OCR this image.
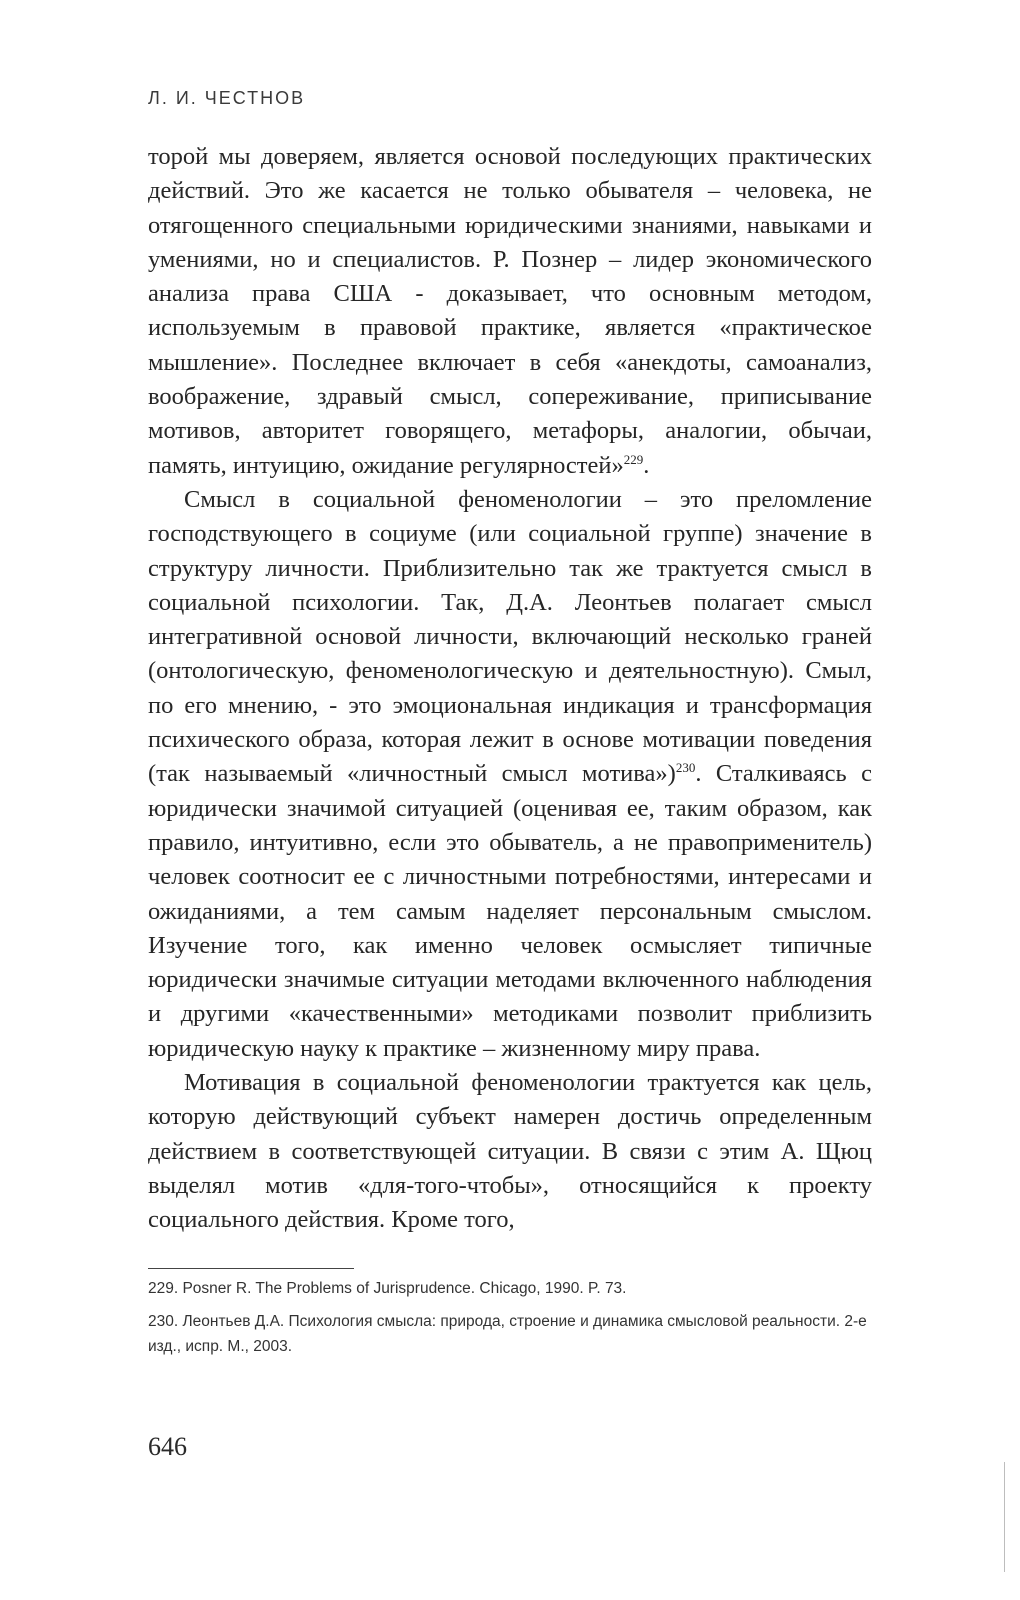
Л. И. ЧЕСТНОВ

торой мы доверяем, является основой последующих практических действий. Это же касается не только обывателя – человека, не отягощенного специальными юридическими знаниями, навыками и умениями, но и специалистов. Р. Познер – лидер экономического анализа права США - доказывает, что основным методом, используемым в правовой практике, является «практическое мышление». Последнее включает в себя «анекдоты, самоанализ, воображение, здравый смысл, сопереживание, приписывание мотивов, авторитет говорящего, метафоры, аналогии, обычаи, память, интуицию, ожидание регулярностей»$^{229}$.

Смысл в социальной феноменологии – это преломление господствующего в социуме (или социальной группе) значение в структуру личности. Приблизительно так же трактуется смысл в социальной психологии. Так, Д.А. Леонтьев полагает смысл интегративной основой личности, включающий несколько граней (онтологическую, феноменологическую и деятельностную). Смыл, по его мнению, - это эмоциональная индикация и трансформация психического образа, которая лежит в основе мотивации поведения (так называемый «личностный смысл мотива»)$^{230}$. Сталкиваясь с юридически значимой ситуацией (оценивая ее, таким образом, как правило, интуитивно, если это обыватель, а не правоприменитель) человек соотносит ее с личностными потребностями, интересами и ожиданиями, а тем самым наделяет персональным смыслом. Изучение того, как именно человек осмысляет типичные юридически значимые ситуации методами включенного наблюдения и другими «качественными» методиками позволит приблизить юридическую науку к практике – жизненному миру права.

Мотивация в социальной феноменологии трактуется как цель, которую действующий субъект намерен достичь определенным действием в соответствующей ситуации. В связи с этим А. Щюц выделял мотив «для-того-чтобы», относящийся к проекту социального действия. Кроме того,

229. Posner R. The Problems of Jurisprudence. Chicago, 1990. P. 73.

230. Леонтьев Д.А. Психология смысла: природа, строение и динамика смысловой реальности. 2-е изд., испр. М., 2003.

646
